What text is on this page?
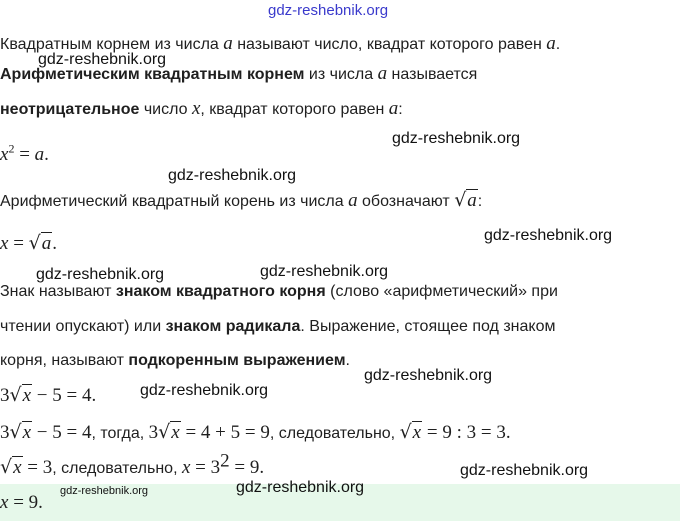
gdz-reshebnik.org
gdz-reshebnik.org
gdz-reshebnik.org
gdz-reshebnik.org
gdz-reshebnik.org
gdz-reshebnik.org
gdz-reshebnik.org
gdz-reshebnik.org
gdz-reshebnik.org
gdz-reshebnik.org
gdz-reshebnik.org
gdz-reshebnik.org
Квадратным корнем из числа a называют число, квадрат которого равен a.
Арифметическим квадратным корнем из числа a называется
неотрицательное число x, квадрат которого равен a:
$x^2 = a$.
Арифметический квадратный корень из числа a обозначают √a:
x = √a.
Знак называют знаком квадратного корня (слово «арифметический» при
чтении опускают) или знаком радикала. Выражение, стоящее под знаком
корня, называют подкоренным выражением.
3√x − 5 = 4.
3√x − 5 = 4, тогда, 3√x = 4 + 5 = 9, следовательно, √x = 9 : 3 = 3.
√x = 3, следовательно, $x = 3^2 = 9$.
x = 9.
